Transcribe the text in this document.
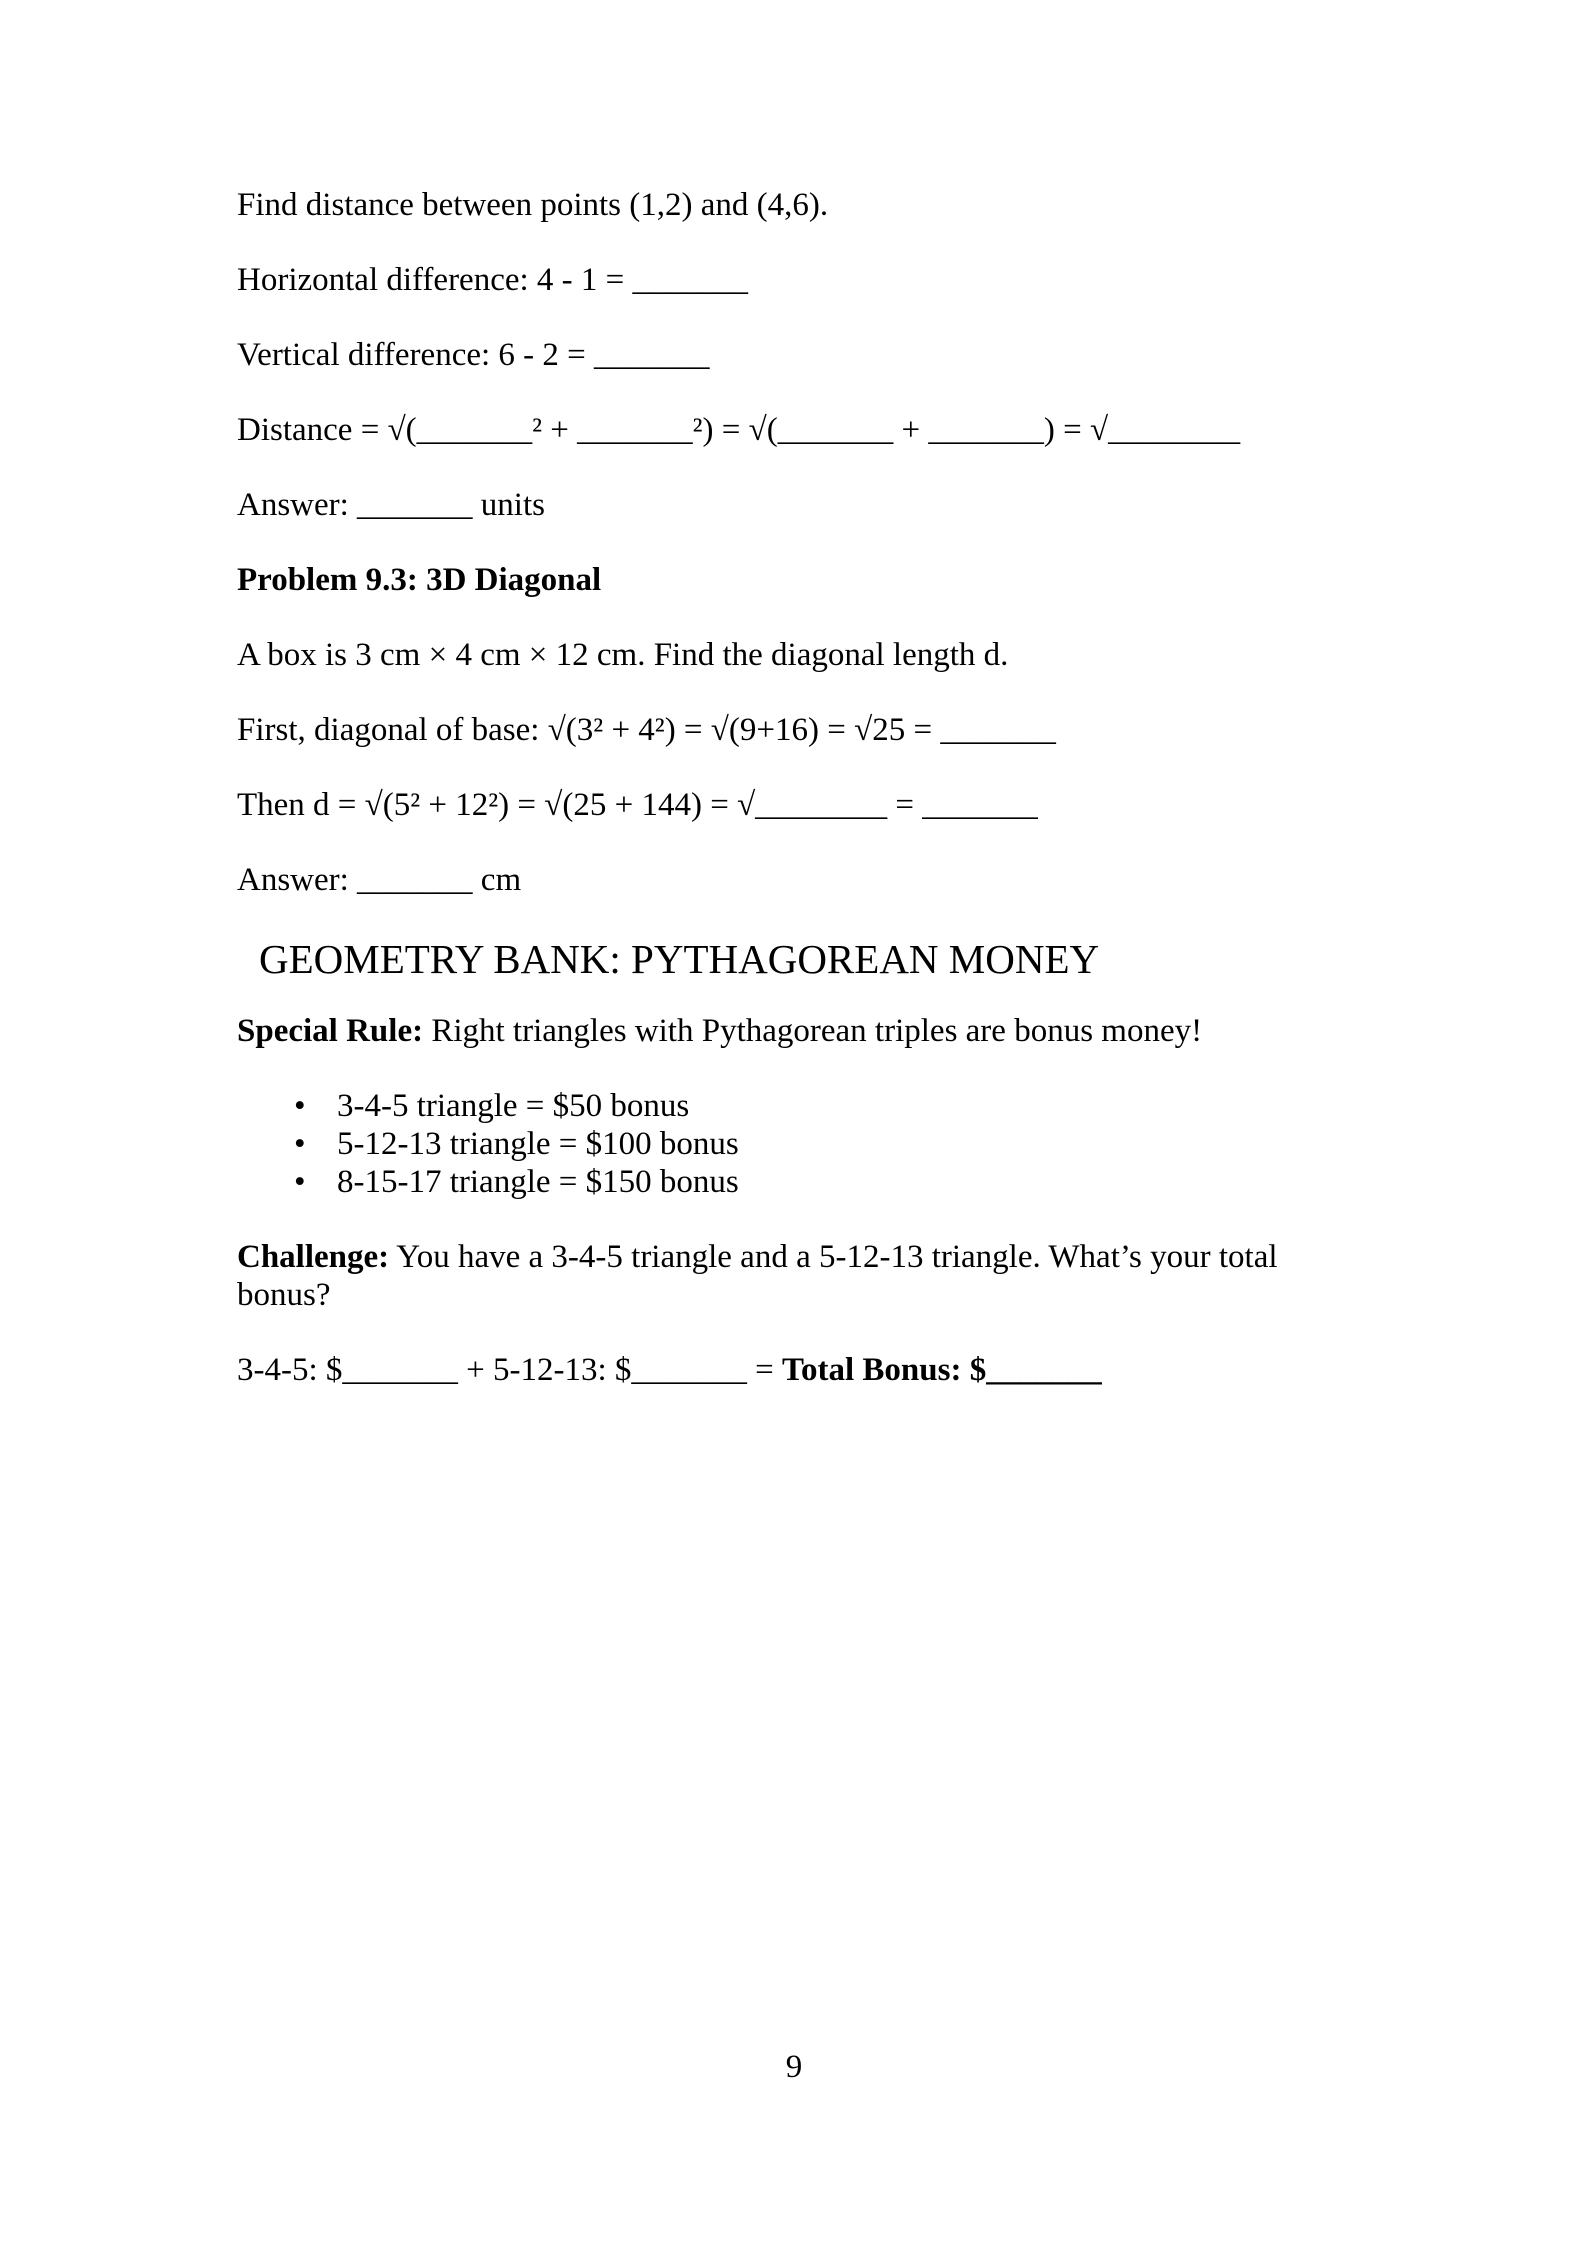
Find distance between points (1,2) and (4,6).

Horizontal difference: 4 - 1 = _______

Vertical difference: 6 - 2 = _______

Distance = √(_______² + _______²) = √(_______ + _______) = √________

Answer: _______ units

Problem 9.3: 3D Diagonal

A box is 3 cm × 4 cm × 12 cm. Find the diagonal length d.

First, diagonal of base: √(3² + 4²) = √(9+16) = √25 = _______

Then d = √(5² + 12²) = √(25 + 144) = √________ = _______

Answer: _______ cm

GEOMETRY BANK: PYTHAGOREAN MONEY

Special Rule: Right triangles with Pythagorean triples are bonus money!

• 3-4-5 triangle = $50 bonus
• 5-12-13 triangle = $100 bonus
• 8-15-17 triangle = $150 bonus

Challenge: You have a 3-4-5 triangle and a 5-12-13 triangle. What’s your total bonus?

3-4-5: $_______ + 5-12-13: $_______ = Total Bonus: $_______

9
